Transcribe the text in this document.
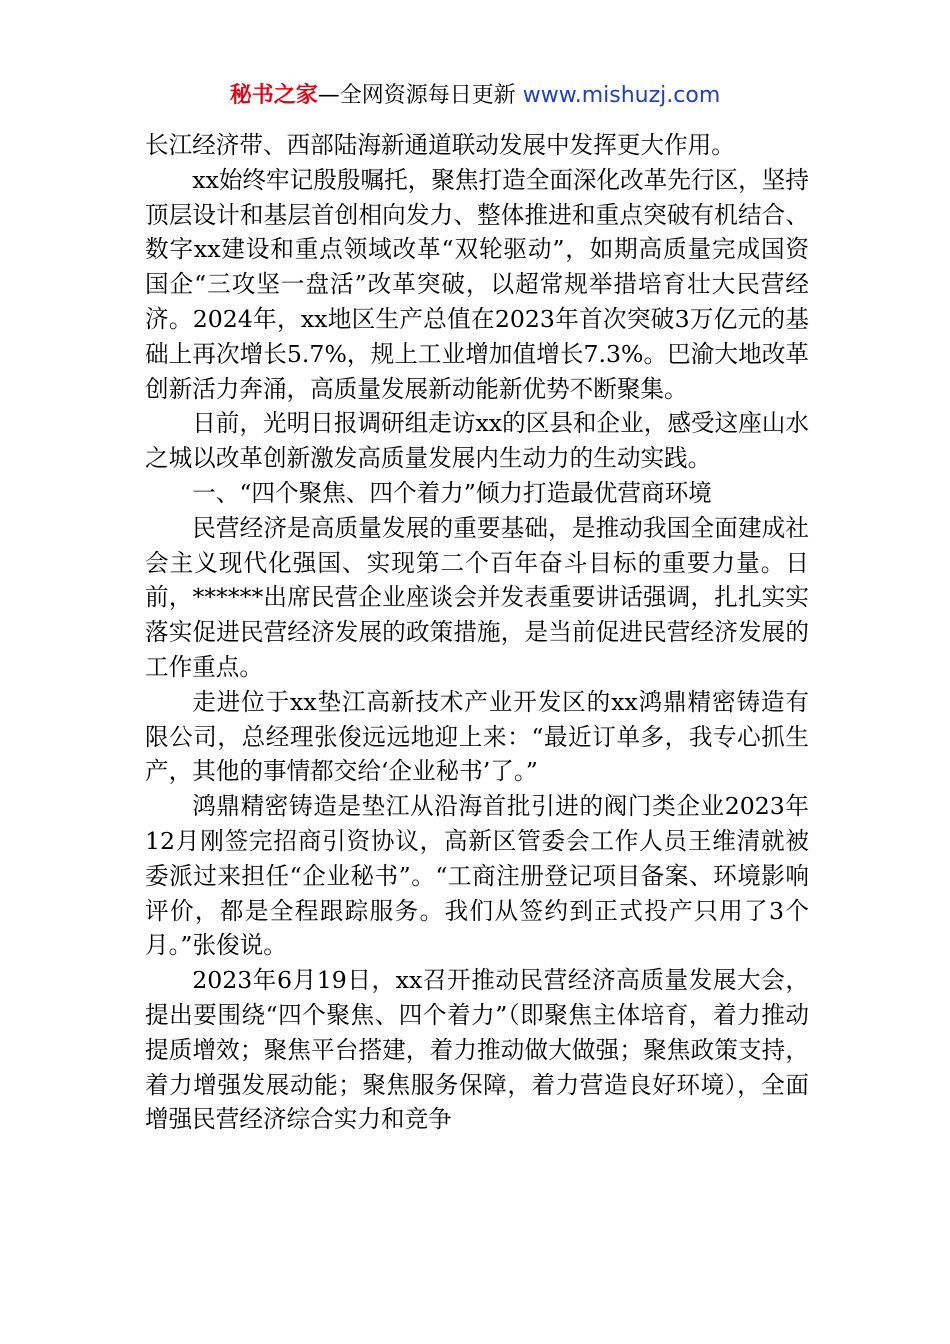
秘书之家—全网资源每日更新 www.mishuzj.com

长江经济带、西部陆海新通道联动发展中发挥更大作用。

xx始终牢记殷殷嘱托，聚焦打造全面深化改革先行区，坚持顶层设计和基层首创相向发力、整体推进和重点突破有机结合、数字xx建设和重点领域改革“双轮驱动”，如期高质量完成国资国企“三攻坚一盘活”改革突破，以超常规举措培育壮大民营经济。2024年，xx地区生产总值在2023年首次突破3万亿元的基础上再次增长5.7%，规上工业增加值增长7.3%。巴渝大地改革创新活力奔涌，高质量发展新动能新优势不断聚集。

日前，光明日报调研组走访xx的区县和企业，感受这座山水之城以改革创新激发高质量发展内生动力的生动实践。

一、“四个聚焦、四个着力”倾力打造最优营商环境

民营经济是高质量发展的重要基础，是推动我国全面建成社会主义现代化强国、实现第二个百年奋斗目标的重要力量。日前，******出席民营企业座谈会并发表重要讲话强调，扎扎实实落实促进民营经济发展的政策措施，是当前促进民营经济发展的工作重点。

走进位于xx垫江高新技术产业开发区的xx鸿鼎精密铸造有限公司，总经理张俊远远地迎上来：“最近订单多，我专心抓生产，其他的事情都交给‘企业秘书’了。”

鸿鼎精密铸造是垫江从沿海首批引进的阀门类企业2023年12月刚签完招商引资协议，高新区管委会工作人员王维清就被委派过来担任“企业秘书”。“工商注册登记项目备案、环境影响评价，都是全程跟踪服务。我们从签约到正式投产只用了3个月。”张俊说。

2023年6月19日，xx召开推动民营经济高质量发展大会，提出要围绕“四个聚焦、四个着力”（即聚焦主体培育，着力推动提质增效；聚焦平台搭建，着力推动做大做强；聚焦政策支持，着力增强发展动能；聚焦服务保障，着力营造良好环境），全面增强民营经济综合实力和竞争
